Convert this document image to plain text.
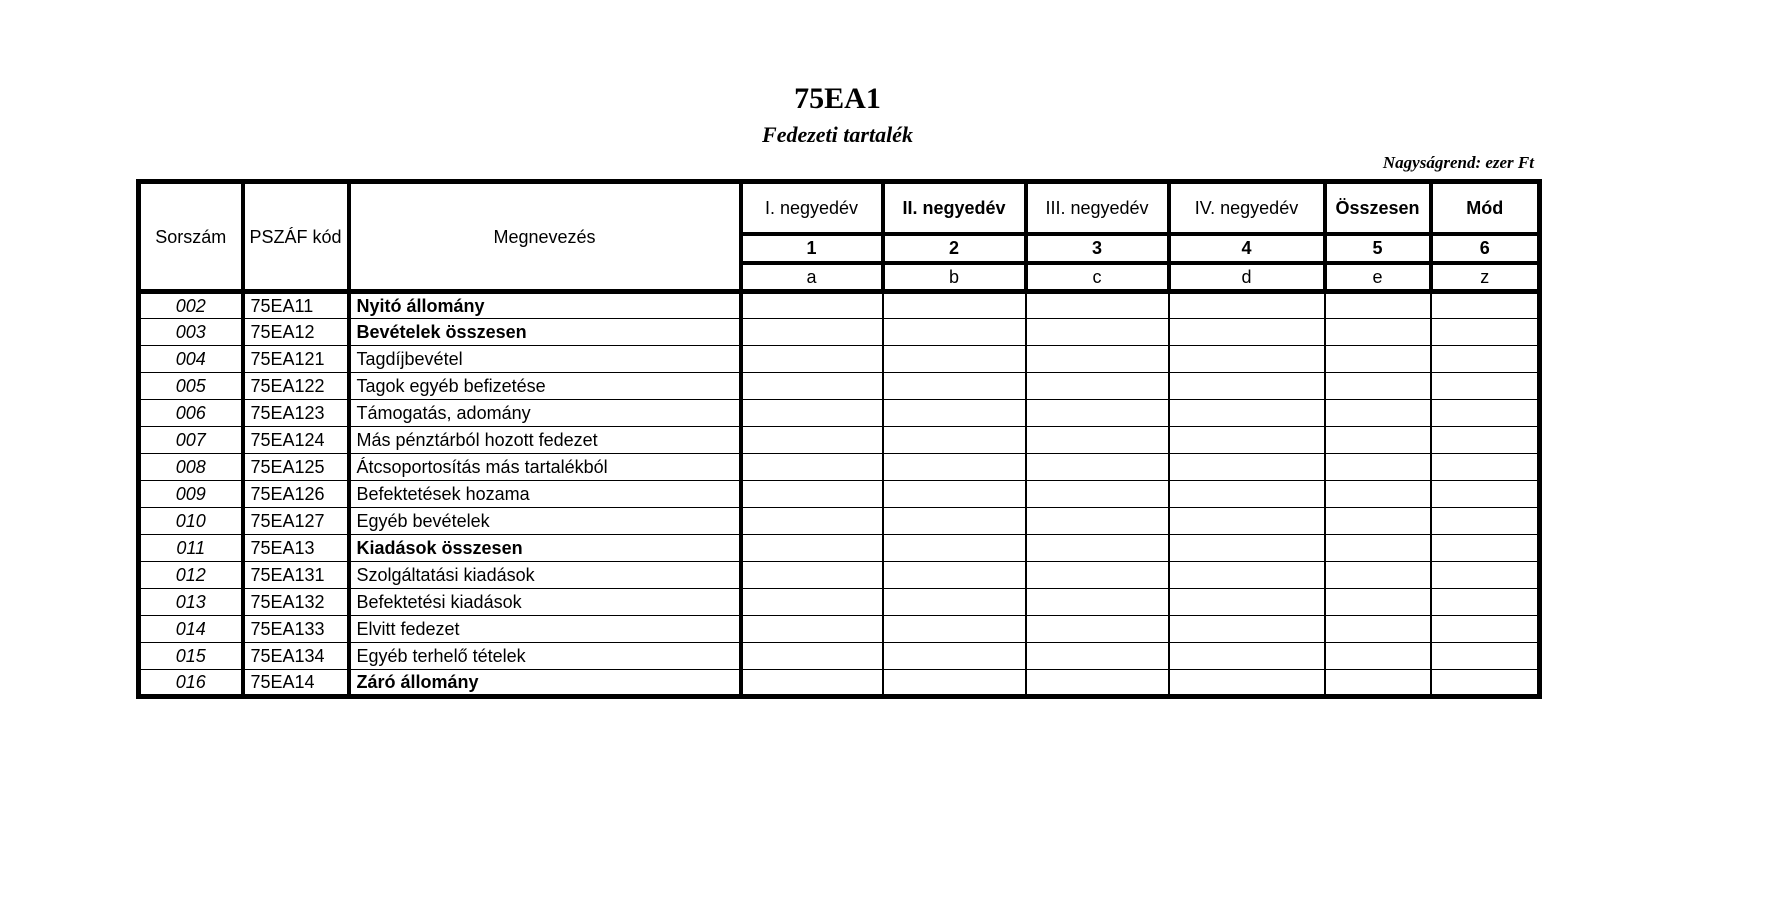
75EA1
Fedezeti tartalék
Nagyságrend: ezer Ft
Sorszám	PSZÁF kód	Megnevezés	I. negyedév	II. negyedév	III. negyedév	IV. negyedév	Összesen	Mód
			1	2	3	4	5	6
			a	b	c	d	e	z
002	75EA11	Nyitó állomány						
003	75EA12	Bevételek összesen						
004	75EA121	Tagdíjbevétel						
005	75EA122	Tagok egyéb befizetése						
006	75EA123	Támogatás, adomány						
007	75EA124	Más pénztárból hozott fedezet						
008	75EA125	Átcsoportosítás más tartalékból						
009	75EA126	Befektetések hozama						
010	75EA127	Egyéb bevételek						
011	75EA13	Kiadások összesen						
012	75EA131	Szolgáltatási kiadások						
013	75EA132	Befektetési kiadások						
014	75EA133	Elvitt fedezet						
015	75EA134	Egyéb terhelő tételek						
016	75EA14	Záró állomány						
